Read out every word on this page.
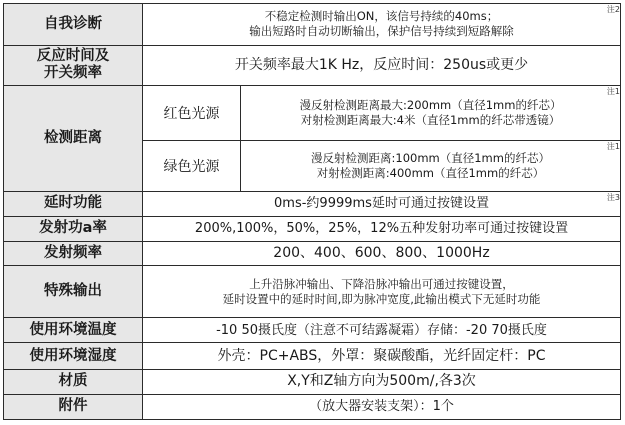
自我诊断	不稳定检测时输出ON，该信号持续的40ms；
输出短路时自动切断输出，保护信号持续到短路解除
注2	

反应时间及
开关频率	开关频率最大1K Hz，反应时间：250us或更少	

检测距离	红色光源	漫反射检测距离最大:200mm（直径1mm的纤芯）
对射检测距离最大:4米（直径1mm的纤芯带透镜）
注1

	绿色光源	漫反射检测距离:100mm（直径1mm的纤芯）
对射检测距离:400mm（直径1mm的纤芯）
注1

延时功能	0ms-约9999ms延时可通过按键设置 注3	

发射功a率	200%,100%，50%，25%，12%五种发射功率可通过按键设置	

发射频率	200、400、600、800、1000Hz	

特殊输出	上升沿脉冲输出、下降沿脉冲输出可通过按键设置，
延时设置中的延时时间,即为脉冲宽度,此输出模式下无延时功能	

使用环境温度	-10 50摄氏度（注意不可结露凝霜）存储：-20 70摄氏度	

使用环境湿度	外壳：PC+ABS，外罩：聚碳酸酯，光纤固定杆：PC	

材质	X,Y和Z轴方向为500m/,各3次	

附件	（放大器安装支架）：1个	
